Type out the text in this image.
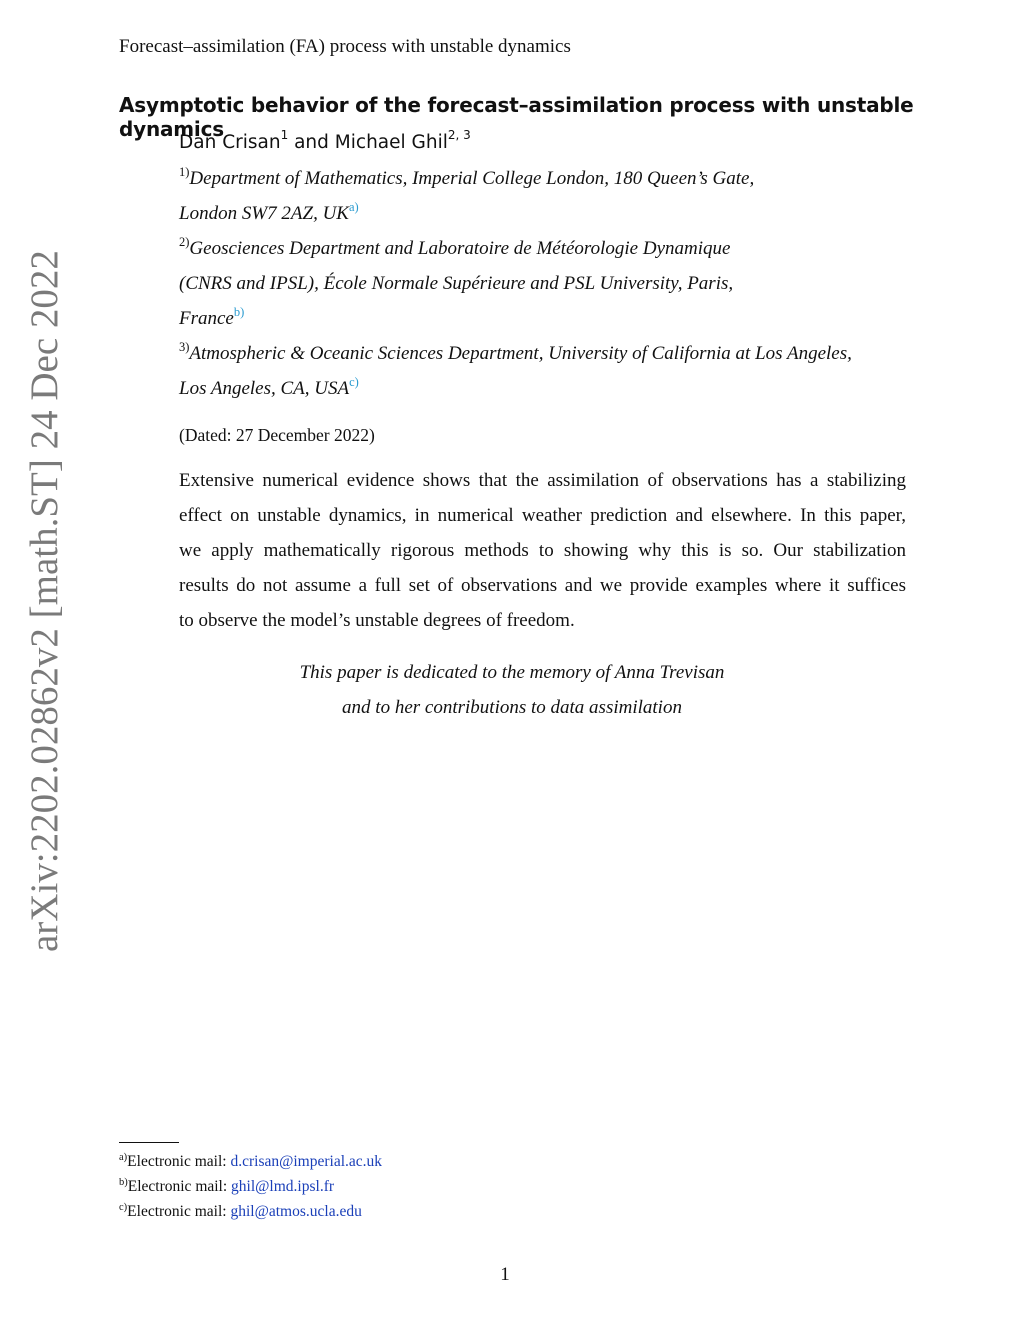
Forecast–assimilation (FA) process with unstable dynamics
Asymptotic behavior of the forecast–assimilation process with unstable dynamics
Dan Crisan$^1$ and Michael Ghil$^{2, 3}$
$^{1)}$Department of Mathematics, Imperial College London, 180 Queen’s Gate,
London SW7 2AZ, UK$^{a)}$
$^{2)}$Geosciences Department and Laboratoire de Météorologie Dynamique
(CNRS and IPSL), École Normale Supérieure and PSL University, Paris,
France$^{b)}$
$^{3)}$Atmospheric & Oceanic Sciences Department, University of California at Los Angeles,
Los Angeles, CA, USA$^{c)}$
(Dated: 27 December 2022)
Extensive numerical evidence shows that the assimilation of observations has a stabilizing
effect on unstable dynamics, in numerical weather prediction and elsewhere. In this paper,
we apply mathematically rigorous methods to showing why this is so. Our stabilization
results do not assume a full set of observations and we provide examples where it suffices
to observe the model’s unstable degrees of freedom.
This paper is dedicated to the memory of Anna Trevisan
and to her contributions to data assimilation
arXiv:2202.02862v2 [math.ST] 24 Dec 2022
$^{a)}$Electronic mail: d.crisan@imperial.ac.uk
$^{b)}$Electronic mail: ghil@lmd.ipsl.fr
$^{c)}$Electronic mail: ghil@atmos.ucla.edu
1
